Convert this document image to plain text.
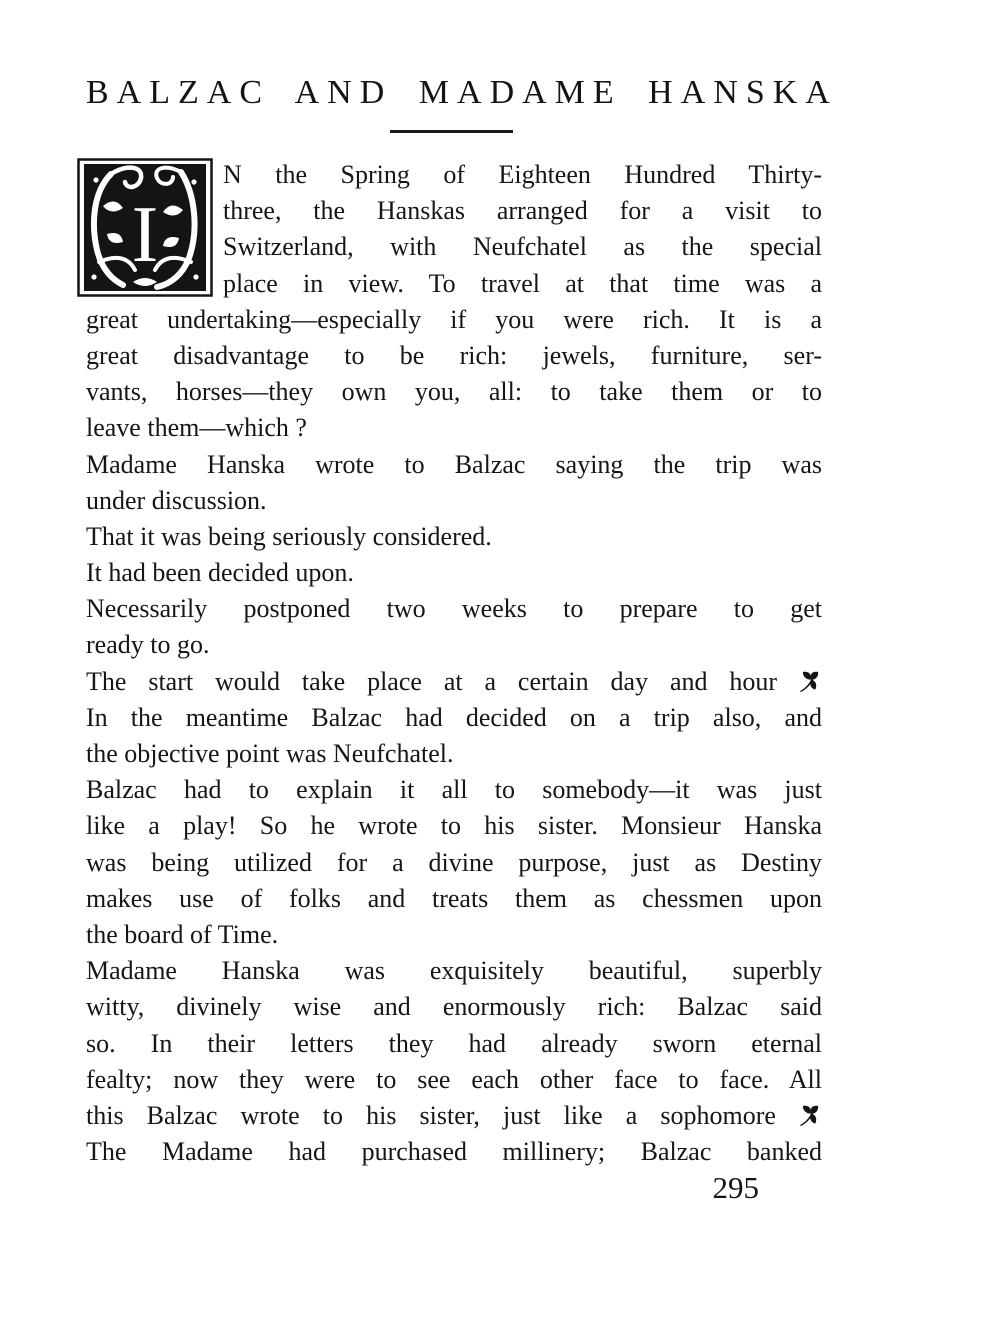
BALZAC AND MADAME HANSKA
I
N the Spring of Eighteen Hundred Thirty-
three, the Hanskas arranged for a visit to
Switzerland, with Neufchatel as the special
place in view. To travel at that time was a
great undertaking—especially if you were rich. It is a
great disadvantage to be rich: jewels, furniture, ser-
vants, horses—they own you, all: to take them or to
leave them—which ?
Madame Hanska wrote to Balzac saying the trip was
under discussion.
That it was being seriously considered.
It had been decided upon.
Necessarily postponed two weeks to prepare to get
ready to go.
The start would take place at a certain day and hour
In the meantime Balzac had decided on a trip also, and
the objective point was Neufchatel.
Balzac had to explain it all to somebody—it was just
like a play! So he wrote to his sister. Monsieur Hanska
was being utilized for a divine purpose, just as Destiny
makes use of folks and treats them as chessmen upon
the board of Time.
Madame Hanska was exquisitely beautiful, superbly
witty, divinely wise and enormously rich: Balzac said
so. In their letters they had already sworn eternal
fealty; now they were to see each other face to face. All
this Balzac wrote to his sister, just like a sophomore
The Madame had purchased millinery; Balzac banked
295
